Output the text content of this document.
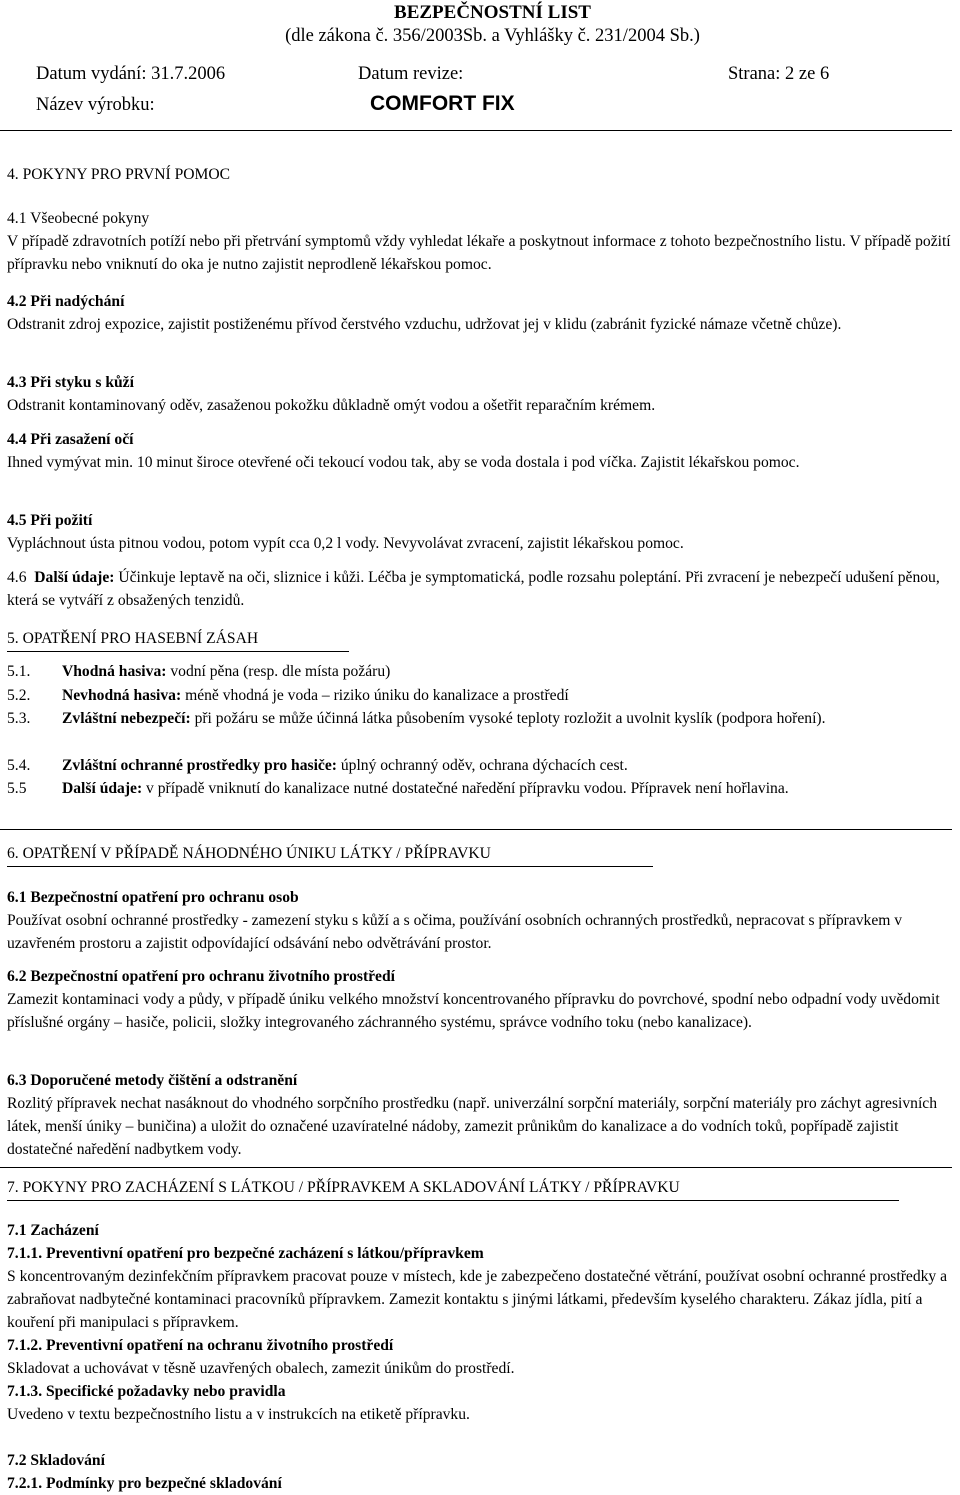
BEZPEČNOSTNÍ LIST
(dle zákona č. 356/2003Sb. a Vyhlášky č. 231/2004 Sb.)
Datum vydání: 31.7.2006	Datum revize:	Strana: 2 ze 6
Název výrobku:	COMFORT FIX
4. POKYNY PRO PRVNÍ POMOC

4.1 Všeobecné pokyny

V případě zdravotních potíží nebo při přetrvání symptomů vždy vyhledat lékaře a poskytnout informace z tohoto bezpečnostního listu. V případě požití přípravku nebo vniknutí do oka je nutno zajistit neprodleně lékařskou pomoc.

4.2 Při nadýchání

Odstranit zdroj expozice, zajistit postiženému přívod čerstvého vzduchu, udržovat jej v klidu (zabránit fyzické námaze včetně chůze).

4.3 Při styku s kůží

Odstranit kontaminovaný oděv, zasaženou pokožku důkladně omýt vodou a ošetřit reparačním krémem.

4.4 Při zasažení očí

Ihned vymývat min. 10 minut široce otevřené oči tekoucí vodou tak, aby se voda dostala i pod víčka. Zajistit lékařskou pomoc.

4.5 Při požití

Vypláchnout ústa pitnou vodou, potom vypít cca 0,2 l vody. Nevyvolávat zvracení, zajistit lékařskou pomoc.

4.6 Další údaje: Účinkuje leptavě na oči, sliznice i kůži. Léčba je symptomatická, podle rozsahu poleptání. Při zvracení je nebezpečí udušení pěnou, která se vytváří z obsažených tenzidů.

5. OPATŘENÍ PRO HASEBNÍ ZÁSAH
5.1. Vhodná hasiva: vodní pěna (resp. dle místa požáru)
5.2. Nevhodná hasiva: méně vhodná je voda – riziko úniku do kanalizace a prostředí
5.3. Zvláštní nebezpečí: při požáru se může účinná látka působením vysoké teploty rozložit a uvolnit kyslík (podpora hoření).
5.4. Zvláštní ochranné prostředky pro hasiče: úplný ochranný oděv, ochrana dýchacích cest.
5.5 Další údaje: v případě vniknutí do kanalizace nutné dostatečné naředění přípravku vodou. Přípravek není hořlavina.
6. OPATŘENÍ V PŘÍPADĚ NÁHODNÉHO ÚNIKU LÁTKY / PŘÍPRAVKU

6.1 Bezpečnostní opatření pro ochranu osob

Používat osobní ochranné prostředky - zamezení styku s kůží a s očima, používání osobních ochranných prostředků, nepracovat s přípravkem v uzavřeném prostoru a zajistit odpovídající odsávání nebo odvětrávání prostor.

6.2 Bezpečnostní opatření pro ochranu životního prostředí

Zamezit kontaminaci vody a půdy, v případě úniku velkého množství koncentrovaného přípravku do povrchové, spodní nebo odpadní vody uvědomit příslušné orgány – hasiče, policii, složky integrovaného záchranného systému, správce vodního toku (nebo kanalizace).

6.3 Doporučené metody čištění a odstranění

Rozlitý přípravek nechat nasáknout do vhodného sorpčního prostředku (např. univerzální sorpční materiály, sorpční materiály pro záchyt agresivních látek, menší úniky – buničina) a uložit do označené uzavíratelné nádoby, zamezit průnikům do kanalizace a do vodních toků, popřípadě zajistit dostatečné naředění nadbytkem vody.

7. POKYNY PRO ZACHÁZENÍ S LÁTKOU / PŘÍPRAVKEM A SKLADOVÁNÍ LÁTKY / PŘÍPRAVKU

7.1 Zacházení

7.1.1. Preventivní opatření pro bezpečné zacházení s látkou/přípravkem

S koncentrovaným dezinfekčním přípravkem pracovat pouze v místech, kde je zabezpečeno dostatečné větrání, používat osobní ochranné prostředky a zabraňovat nadbytečné kontaminaci pracovníků přípravkem. Zamezit kontaktu s jinými látkami, především kyselého charakteru. Zákaz jídla, pití a kouření při manipulaci s přípravkem.

7.1.2. Preventivní opatření na ochranu životního prostředí

Skladovat a uchovávat v těsně uzavřených obalech, zamezit únikům do prostředí.

7.1.3. Specifické požadavky nebo pravidla

Uvedeno v textu bezpečnostního listu a v instrukcích na etiketě přípravku.

7.2 Skladování

7.2.1. Podmínky pro bezpečné skladování
